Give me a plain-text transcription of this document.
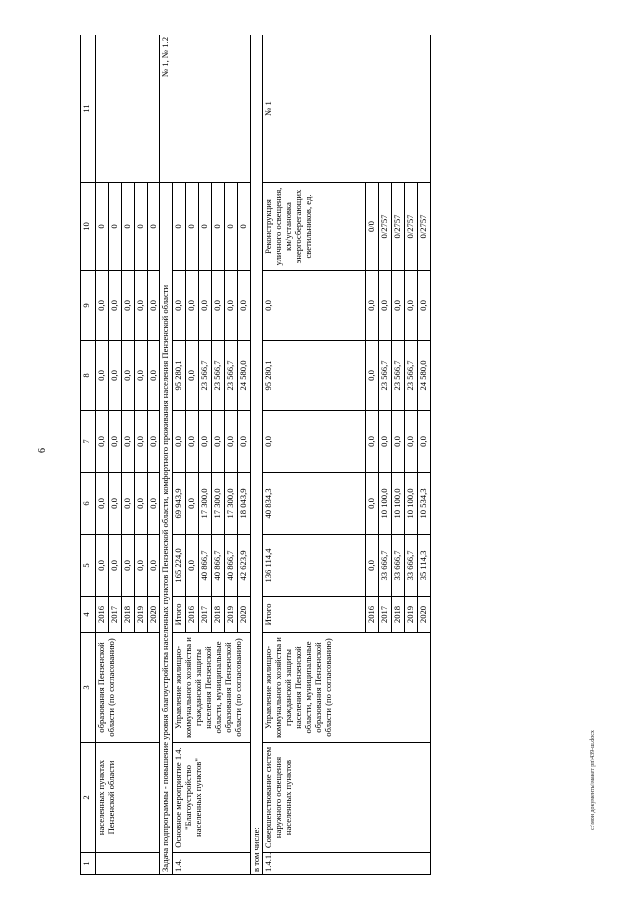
6
c:\мои документы\макет рп\439-ш.docx
1	2	3	4	5	6	7	8	9	10	11
	населенных пунктах Пензенской области	образования Пензенской области (по согласованию)	2016	0,0	0,0	0,0	0,0	0,0	0	
			2017	0,0	0,0	0,0	0,0	0,0	0	
			2018	0,0	0,0	0,0	0,0	0,0	0	
			2019	0,0	0,0	0,0	0,0	0,0	0	
			2020	0,0	0,0	0,0	0,0	0,0	0	
Задача подпрограммы - повышение уровня благоустройства населенных пунктов Пензенской области, комфортного проживания населения Пензенской области										№ 1, № 1.2
1.4.	Основное мероприятие 1.4. "Благоустройство населенных пунктов"	Управление жилищно-коммунального хозяйства и гражданской защиты населения Пензенской области, муниципальные образования Пензенской области (по согласованию)	Итого	165 224,0	69 943,9	0,0	95 280,1	0,0	0	
			2016	0,0	0,0	0,0	0,0	0,0	0	
			2017	40 866,7	17 300,0	0,0	23 566,7	0,0	0	
			2018	40 866,7	17 300,0	0,0	23 566,7	0,0	0	
			2019	40 866,7	17 300,0	0,0	23 566,7	0,0	0	
			2020	42 623,9	18 043,9	0,0	24 580,0	0,0	0	
в том числе:										
1.4.1.	Совершенствование систем наружного освещения населенных пунктов	Управление жилищно-коммунального хозяйства и гражданской защиты населения Пензенской области, муниципальные образования Пензенской области (по согласованию)	Итого	136 114,4	40 834,3	0,0	95 280,1	0,0	Реконструкция уличного освещения, км/установка энергосберегающих светильников, ед.	№ 1
			2016	0,0	0,0	0,0	0,0	0,0	0/0	
			2017	33 666,7	10 100,0	0,0	23 566,7	0,0	0/2757	
			2018	33 666,7	10 100,0	0,0	23 566,7	0,0	0/2757	
			2019	33 666,7	10 100,0	0,0	23 566,7	0,0	0/2757	
			2020	35 114,3	10 534,3	0,0	24 580,0	0,0	0/2757	
